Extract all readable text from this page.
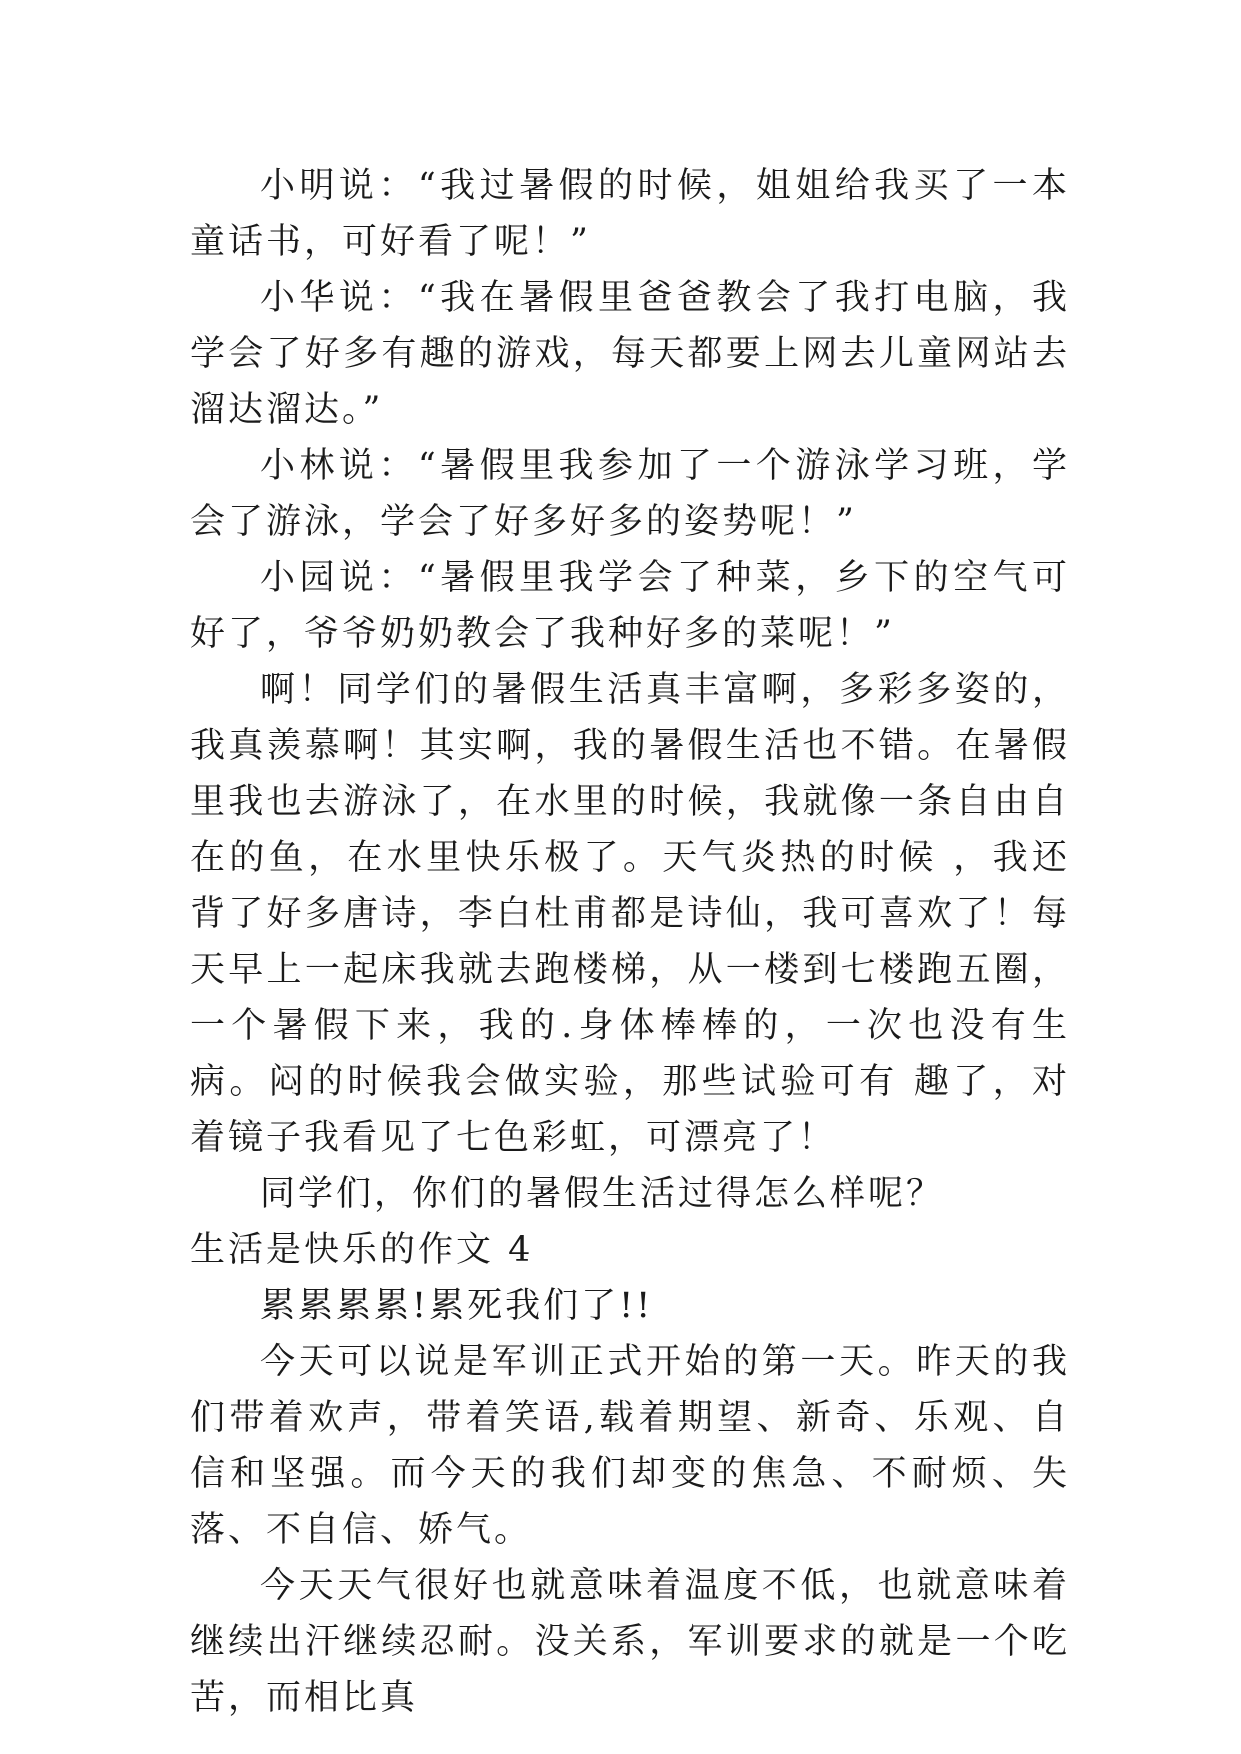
小明说：“我过暑假的时候，姐姐给我买了一本童话书，可好看了呢！”

小华说：“我在暑假里爸爸教会了我打电脑，我学会了好多有趣的游戏，每天都要上网去儿童网站去溜达溜达。”

小林说：“暑假里我参加了一个游泳学习班，学会了游泳，学会了好多好多的姿势呢！”

小园说：“暑假里我学会了种菜，乡下的空气可好了，爷爷奶奶教会了我种好多的菜呢！”

啊！同学们的暑假生活真丰富啊，多彩多姿的，我真羡慕啊！其实啊，我的暑假生活也不错。在暑假里我也去游泳了，在水里的时候，我就像一条自由自在的鱼，在水里快乐极了。天气炎热的时候 ，我还背了好多唐诗，李白杜甫都是诗仙，我可喜欢了！每天早上一起床我就去跑楼梯，从一楼到七楼跑五圈，一个暑假下来，我的.身体棒棒的，一次也没有生病。闷的时候我会做实验，那些试验可有 趣了，对着镜子我看见了七色彩虹，可漂亮了！

同学们，你们的暑假生活过得怎么样呢？

生活是快乐的作文 4

累累累累!累死我们了!!

今天可以说是军训正式开始的第一天。昨天的我们带着欢声，带着笑语,载着期望、新奇、乐观、自信和坚强。而今天的我们却变的焦急、不耐烦、失落、不自信、娇气。

今天天气很好也就意味着温度不低，也就意味着继续出汗继续忍耐。没关系，军训要求的就是一个吃苦，而相比真
